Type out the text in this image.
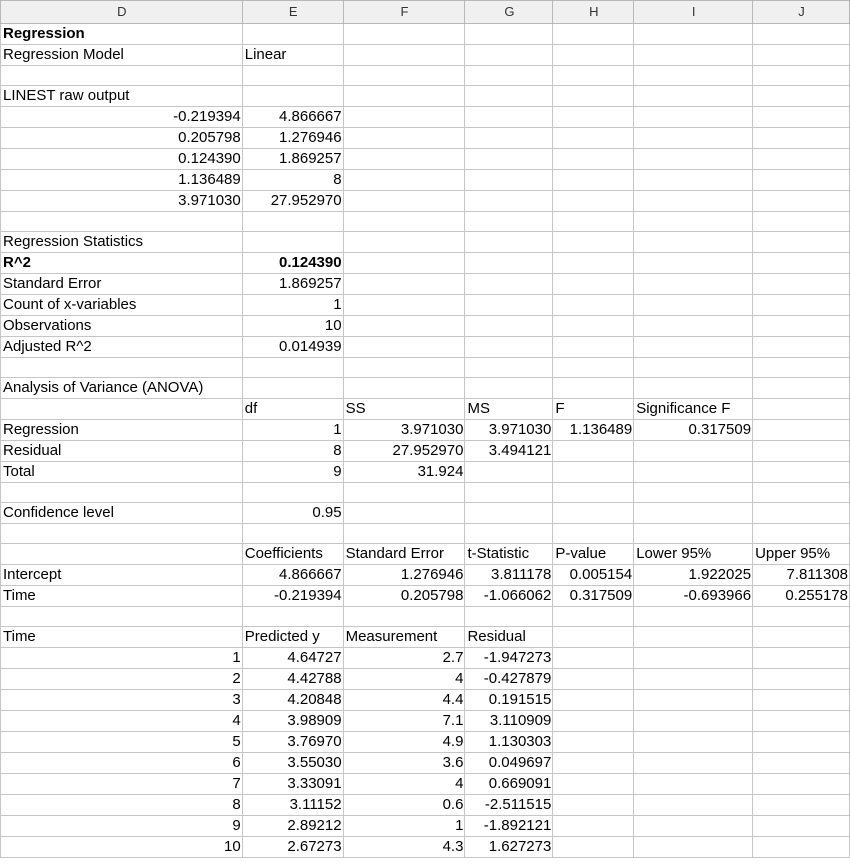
D	E	F	G	H	I	J
Regression						
Regression Model	Linear					

LINEST raw output						
-0.219394	4.866667					
0.205798	1.276946					
0.124390	1.869257					
1.136489	8					
3.971030	27.952970					

Regression Statistics						
R^2	0.124390					
Standard Error	1.869257					
Count of x-variables	1					
Observations	10					
Adjusted R^2	0.014939					

Analysis of Variance (ANOVA)						
	df	SS	MS	F	Significance F	
Regression	1	3.971030	3.971030	1.136489	0.317509	
Residual	8	27.952970	3.494121			
Total	9	31.924				

Confidence level	0.95					

	Coefficients	Standard Error	t-Statistic	P-value	Lower 95%	Upper 95%
Intercept	4.866667	1.276946	3.811178	0.005154	1.922025	7.811308
Time	-0.219394	0.205798	-1.066062	0.317509	-0.693966	0.255178

Time	Predicted y	Measurement	Residual			
1	4.64727	2.7	-1.947273			
2	4.42788	4	-0.427879			
3	4.20848	4.4	0.191515			
4	3.98909	7.1	3.110909			
5	3.76970	4.9	1.130303			
6	3.55030	3.6	0.049697			
7	3.33091	4	0.669091			
8	3.11152	0.6	-2.511515			
9	2.89212	1	-1.892121			
10	2.67273	4.3	1.627273			
